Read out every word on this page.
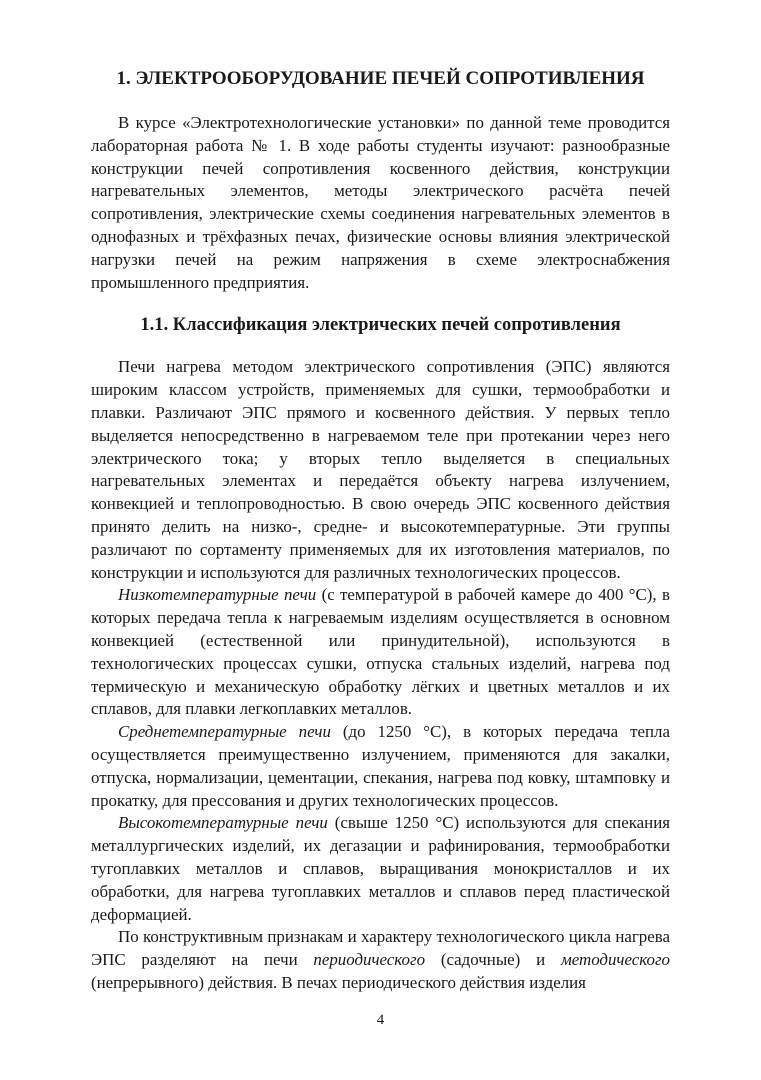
1. ЭЛЕКТРООБОРУДОВАНИЕ ПЕЧЕЙ СОПРОТИВЛЕНИЯ

В курсе «Электротехнологические установки» по данной теме проводится лабораторная работа № 1. В ходе работы студенты изучают: разнообразные конструкции печей сопротивления косвенного действия, конструкции нагревательных элементов, методы электрического расчёта печей сопротивления, электрические схемы соединения нагревательных элементов в однофазных и трёхфазных печах, физические основы влияния электрической нагрузки печей на режим напряжения в схеме электроснабжения промышленного предприятия.

1.1. Классификация электрических печей сопротивления

Печи нагрева методом электрического сопротивления (ЭПС) являются широким классом устройств, применяемых для сушки, термообработки и плавки. Различают ЭПС прямого и косвенного действия. У первых тепло выделяется непосредственно в нагреваемом теле при протекании через него электрического тока; у вторых тепло выделяется в специальных нагревательных элементах и передаётся объекту нагрева излучением, конвекцией и теплопроводностью. В свою очередь ЭПС косвенного действия принято делить на низко-, средне- и высокотемпературные. Эти группы различают по сортаменту применяемых для их изготовления материалов, по конструкции и используются для различных технологических процессов.

Низкотемпературные печи (с температурой в рабочей камере до 400 °C), в которых передача тепла к нагреваемым изделиям осуществляется в основном конвекцией (естественной или принудительной), используются в технологических процессах сушки, отпуска стальных изделий, нагрева под термическую и механическую обработку лёгких и цветных металлов и их сплавов, для плавки легкоплавких металлов.

Среднетемпературные печи (до 1250 °C), в которых передача тепла осуществляется преимущественно излучением, применяются для закалки, отпуска, нормализации, цементации, спекания, нагрева под ковку, штамповку и прокатку, для прессования и других технологических процессов.

Высокотемпературные печи (свыше 1250 °C) используются для спекания металлургических изделий, их дегазации и рафинирования, термообработки тугоплавких металлов и сплавов, выращивания монокристаллов и их обработки, для нагрева тугоплавких металлов и сплавов перед пластической деформацией.

По конструктивным признакам и характеру технологического цикла нагрева ЭПС разделяют на печи периодического (садочные) и методического (непрерывного) действия. В печах периодического действия изделия

4
